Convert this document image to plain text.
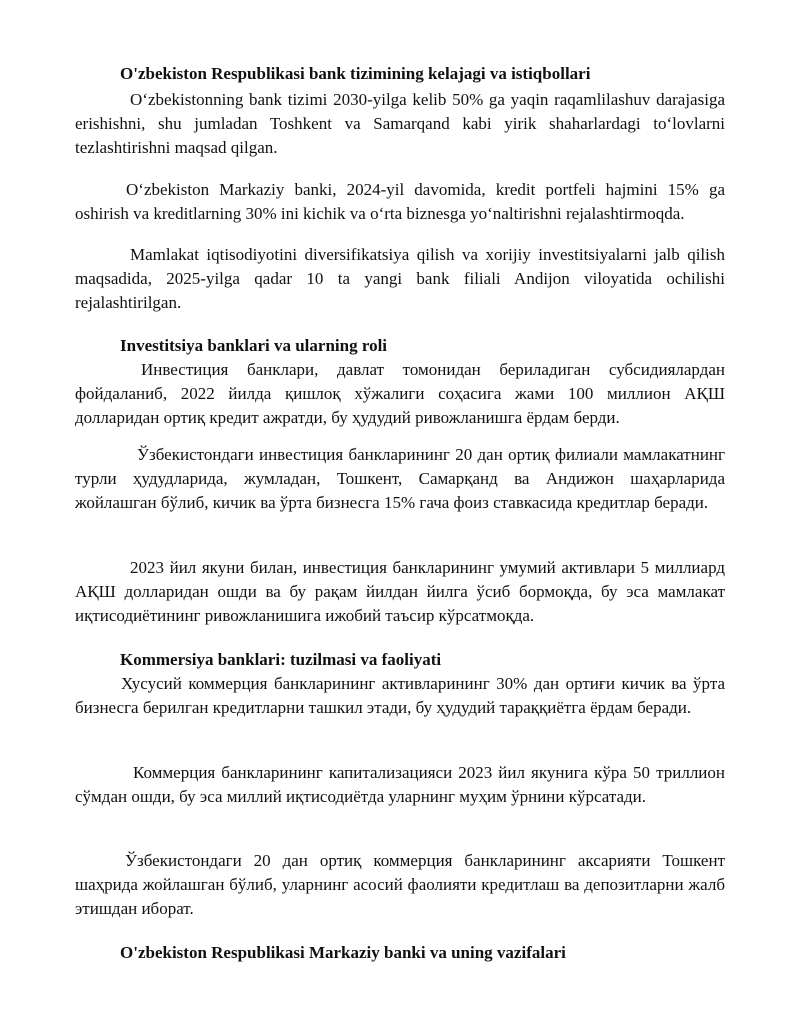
O'zbekiston Respublikasi bank tizimining kelajagi va istiqbollari

O‘zbekistonning bank tizimi 2030-yilga kelib 50% ga yaqin raqamlilashuv darajasiga erishishni, shu jumladan Toshkent va Samarqand kabi yirik shaharlardagi to‘lovlarni tezlashtirishni maqsad qilgan.

O‘zbekiston Markaziy banki, 2024-yil davomida, kredit portfeli hajmini 15% ga oshirish va kreditlarning 30% ini kichik va o‘rta biznesga yo‘naltirishni rejalashtirmoqda.

Mamlakat iqtisodiyotini diversifikatsiya qilish va xorijiy investitsiyalarni jalb qilish maqsadida, 2025-yilga qadar 10 ta yangi bank filiali Andijon viloyatida ochilishi rejalashtirilgan.

Investitsiya banklari va ularning roli

Инвестиция банклари, давлат томонидан бериладиган субсидиялардан фойдаланиб, 2022 йилда қишлоқ хўжалиги соҳасига жами 100 миллион АҚШ долларидан ортиқ кредит ажратди, бу ҳудудий ривожланишга ёрдам берди.

Ўзбекистондаги инвестиция банкларининг 20 дан ортиқ филиали мамлакатнинг турли ҳудудларида, жумладан, Тошкент, Самарқанд ва Андижон шаҳарларида жойлашган бўлиб, кичик ва ўрта бизнесга 15% гача фоиз ставкасида кредитлар беради.

2023 йил якуни билан, инвестиция банкларининг умумий активлари 5 миллиард АҚШ долларидан ошди ва бу рақам йилдан йилга ўсиб бормоқда, бу эса мамлакат иқтисодиётининг ривожланишига ижобий таъсир кўрсатмоқда.

Kommersiya banklari: tuzilmasi va faoliyati

Хусусий коммерция банкларининг активларининг 30% дан ортиғи кичик ва ўрта бизнесга берилган кредитларни ташкил этади, бу ҳудудий тараққиётга ёрдам беради.

Коммерция банкларининг капитализацияси 2023 йил якунига кўра 50 триллион сўмдан ошди, бу эса миллий иқтисодиётда уларнинг муҳим ўрнини кўрсатади.

Ўзбекистондаги 20 дан ортиқ коммерция банкларининг аксарияти Тошкент шаҳрида жойлашган бўлиб, уларнинг асосий фаолияти кредитлаш ва депозитларни жалб этишдан иборат.

O'zbekiston Respublikasi Markaziy banki va uning vazifalari
